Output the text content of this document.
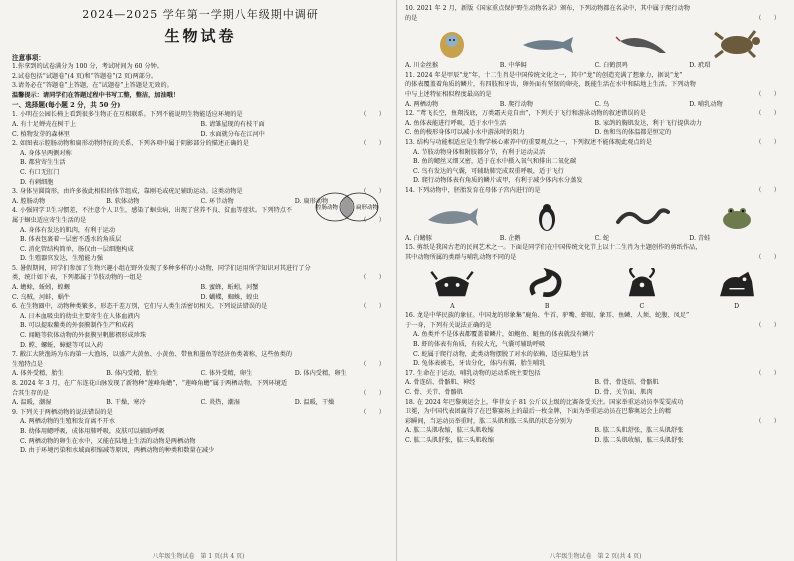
2024—2025 学年第一学期八年级期中调研
生物试卷
注意事项：
1.你拿到的试卷满分为 100 分，考试时间为 60 分钟。
2.试卷包括“试题卷”(4 页)和“答题卷”(2 页)两部分。
3.请务必在“答题卷”上答题，在“试题卷”上答题是无效的。
温馨提示：请同学们在答题过程中书写工整，整洁，加油哦！
一、选择题(每小题 2 分，共 50 分)
1. 小明在公园长椅上看到很多生物正在互相联系。下列不能说明生物能适应环境的是	（　　）
A. 有十足蝉壳在树干上	B. 请雏屋现的有枝干面
C. 植物发芽的森林里	D. 水面就分布在江河中
2. 如图表示腔肠动物和扁形动物特征的关系，下列各项中属于阴影部分的描述正确的是	（　　）
A. 身体呈两侧对称
B. 都营寄生生活
C. 有口无肛门
D. 有刺细胞
3. 身体呈圆筒形，由许多彼此相似的体节组成，靠刚毛或疣足辅助运动。这类动物是	（　　）
A. 腔肠动物	B. 软体动物	C. 环节动物	D. 扁形动物
4. 小强同学卫生习惯差，不注意个人卫生，感染了蛔虫病，出现了营养不良、贫血等症状。下列特点不
属于蛔虫适应寄生生活的是	（　　）
A. 身体有发达的肌肉，有利于运动
B. 体表包裹着一层密不透水的角质层
C. 消化管结构简单，肠仅由一层细胞构成
D. 生殖器官发达，生殖能力强
5. 暑假期间，同学们参加了生物兴趣小组在野外发现了多种多样的小动物，同学们运用所学知识对其进行了分
类，统计如下表，下列都属于节肢动物的一组是	（　　）
A. 蟾蜍，蚯蚓，蝗螈	B. 蜜蜂，蚯蚓，河蟹
C. 乌贼，河蚌，蜗牛	D. 蝴蝶，蜘蛛，蝗虫
6. 在生物圈中，动物种类繁多，形态千差万别，它们与人类生活密切相关。下列说法错误的是	（　　）
A. 日本血吸虫的幼虫主要寄生在人体血液内
B. 可以提取鳖类的外套膜制作生产和成药
C. 闻鲢等软体动物的外套膜呈帆膨褶形成珍珠
D. 螳、螺蚯、蟑蜓等可以入药
7. 敝江大陕渔场为东海第一大渔场，以盛产大黄鱼、小黄鱼、带鱼和墨鱼等经济鱼类著称，这些鱼类的
生殖特点是	（　　）
A. 体外受精，胎生	B. 体内受精，胎生	C. 体外受精，卵生	D. 体内受精，卵生
8. 2024 年 3 月，在广东连花山脉发现了新物种“莲峰角蟾”，“莲峰角蟾”属于两栖动物。下列环境适
合其生存的是	（　　）
A. 温暖，潮湿	B. 干燥，寒冷	C. 炎热，潮湿	D. 温暖，干燥
9. 下列关于两栖动物的说法错误的是	（　　）
A. 两栖动物的生殖和发育离不开水
B. 幼体用鳃呼吸，成体用肺呼吸，皮肤可以辅助呼吸
C. 两栖动物的卵生在水中，又能在陆地上生活的动物是两栖动物
D. 由于环境污染和水域面积缩减等原因，两栖动物的种类和数量在减少
腔肠动物	扁形动物
八年级生物试卷　第 1 页(共 4 页)
10. 2021 年 2 月，新版《国家重点保护野生动物名录》颁布，下列动物都在名录中，其中属于爬行动物
的是	（　　）
A. 川金丝猴	B. 中华鲟	C. 白鹤溟鸡	D. 玳瑁
11. 2024 年是甲辰“龙”年，十二生肖是中国传统文化之一，其中“龙”的创造充满了想象力，据说“龙”
的体表覆盖着角质的鳞片，有四肢和牙齿，卵外面有坚韧的卵壳，既能生活在水中和陆地上生活。下列动物
中与上述特征相似程度最高的是	（　　）
A. 两栖动物	B. 爬行动物	C. 鸟	D. 哺乳动物
12. “鸢飞长空，鱼翔浅底，万类霜天竞自由”，下列关于飞行和游泳动物的叙述错误的是	（　　）
A. 鱼体表能进行呼吸，适于水中生活	B. 家鸽的胸肌发达，利于飞行提供动力
C. 鱼的梭形身体可以减小水中游泳时的阻力	D. 鱼和鸟的体温都是恒定的
13. 结构与功能相适应是生物学核心素养中的重要观点之一，下列叙述不能体现此观点的是	（　　）
A. 节肢动物身体和附肢都分节，有利于运动灵活
B. 鱼的鳃丝又细又密，适于在水中摄入氧气和排出二氧化碳
C. 鸟有发达的气囊，可辅助肺完成双重呼吸，适于飞行
D. 爬行动物体表有角质的鳞片或甲，有利于减少体内水分蒸发
14. 下列动物中，胚胎发育在母体子宫内进行的是	（　　）
A. 白鳍豚	B. 企鹅	C. 蛇	D. 青蛙
15. 剪纸是我国古老的民间艺术之一。下面是同学们在中国传统文化节上以十二生肖为主题创作的剪纸作品，
其中动物所属的类群与哺乳动物不同的是	（　　）
A	B	C	D
16. 龙是中华民族的象征。中国龙的形象集“鹿角、牛首、驴嘴、虾眼、象耳、鱼鳞、人须、蛇腹、凤足”
于一身，下列有关说法正确的是	（　　）
A. 鱼类并不是体表都覆盖着鳞片，如鲍鱼、鲢鱼的体表就没有鳞片
B. 虾的体表有角质，有较大光，气囊可辅助呼吸
C. 蛇属于爬行动物，此类动物摆脱了对水的依赖，适应陆地生活
D. 兔体表被毛，牙齿分化，体内有膈，胎生哺乳
17. 生命在于运动，哺乳动物的运动系统主要包括	（　　）
A. 骨连结、骨骼肌、神经	B. 骨、骨连结、骨骼肌
C. 骨、关节、骨骼肌	D. 骨、关节面、肌肉
18. 在 2024 年巴黎奥运会上，华菲女子 81 公斤以上级的比赛备受关注。国家举重运动员李雯雯成功
卫冕，为中国代表团赢得了在巴黎赛场上的最后一枚金牌，下面为举重运动员在巴黎奥运会上的精
彩瞬间，当运动员举重时，肱二头肌和肱三头肌的状态分别为	（　　）
A. 肱二头肌收缩，肱三头肌收缩	B. 肱二头肌舒张，肱三头肌舒张
C. 肱二头肌舒张，肱三头肌收缩	D. 肱二头肌收缩，肱三头肌舒张
八年级生物试卷　第 2 页(共 4 页)
